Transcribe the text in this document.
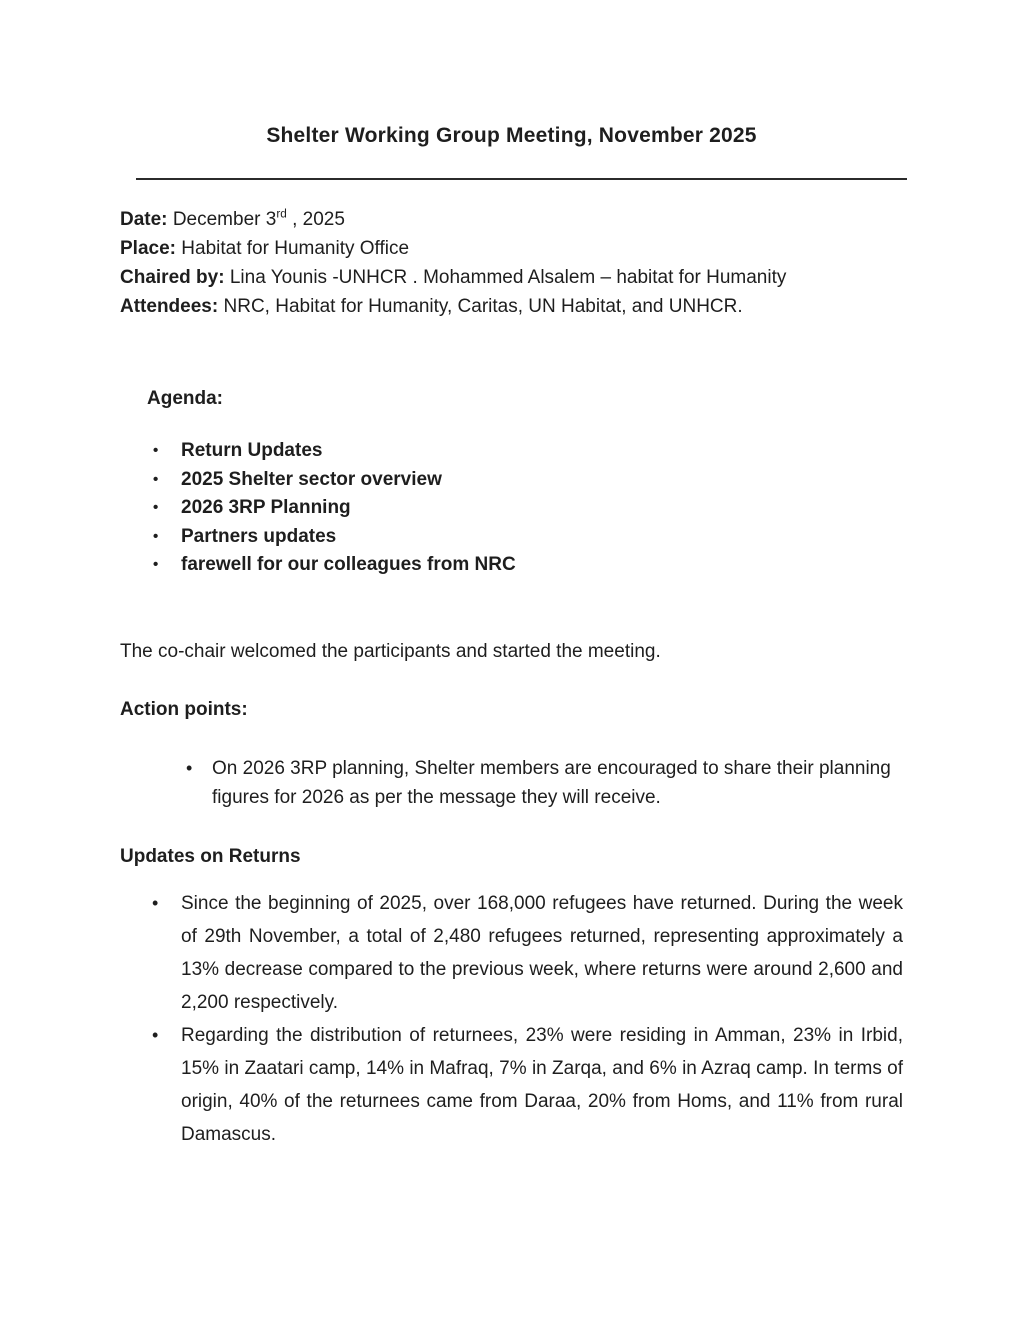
Shelter Working Group Meeting, November 2025

Date: December 3rd , 2025

Place: Habitat for Humanity Office

Chaired by: Lina Younis -UNHCR . Mohammed Alsalem – habitat for Humanity

Attendees: NRC, Habitat for Humanity, Caritas, UN Habitat, and UNHCR.

Agenda:

• Return Updates
• 2025 Shelter sector overview
• 2026 3RP Planning
• Partners updates
• farewell for our colleagues from NRC

The co-chair welcomed the participants and started the meeting.

Action points:

• On 2026 3RP planning, Shelter members are encouraged to share their planning figures for 2026 as per the message they will receive.

Updates on Returns

• Since the beginning of 2025, over 168,000 refugees have returned. During the week of 29th November, a total of 2,480 refugees returned, representing approximately a 13% decrease compared to the previous week, where returns were around 2,600 and 2,200 respectively.
• Regarding the distribution of returnees, 23% were residing in Amman, 23% in Irbid, 15% in Zaatari camp, 14% in Mafraq, 7% in Zarqa, and 6% in Azraq camp. In terms of origin, 40% of the returnees came from Daraa, 20% from Homs, and 11% from rural Damascus.
